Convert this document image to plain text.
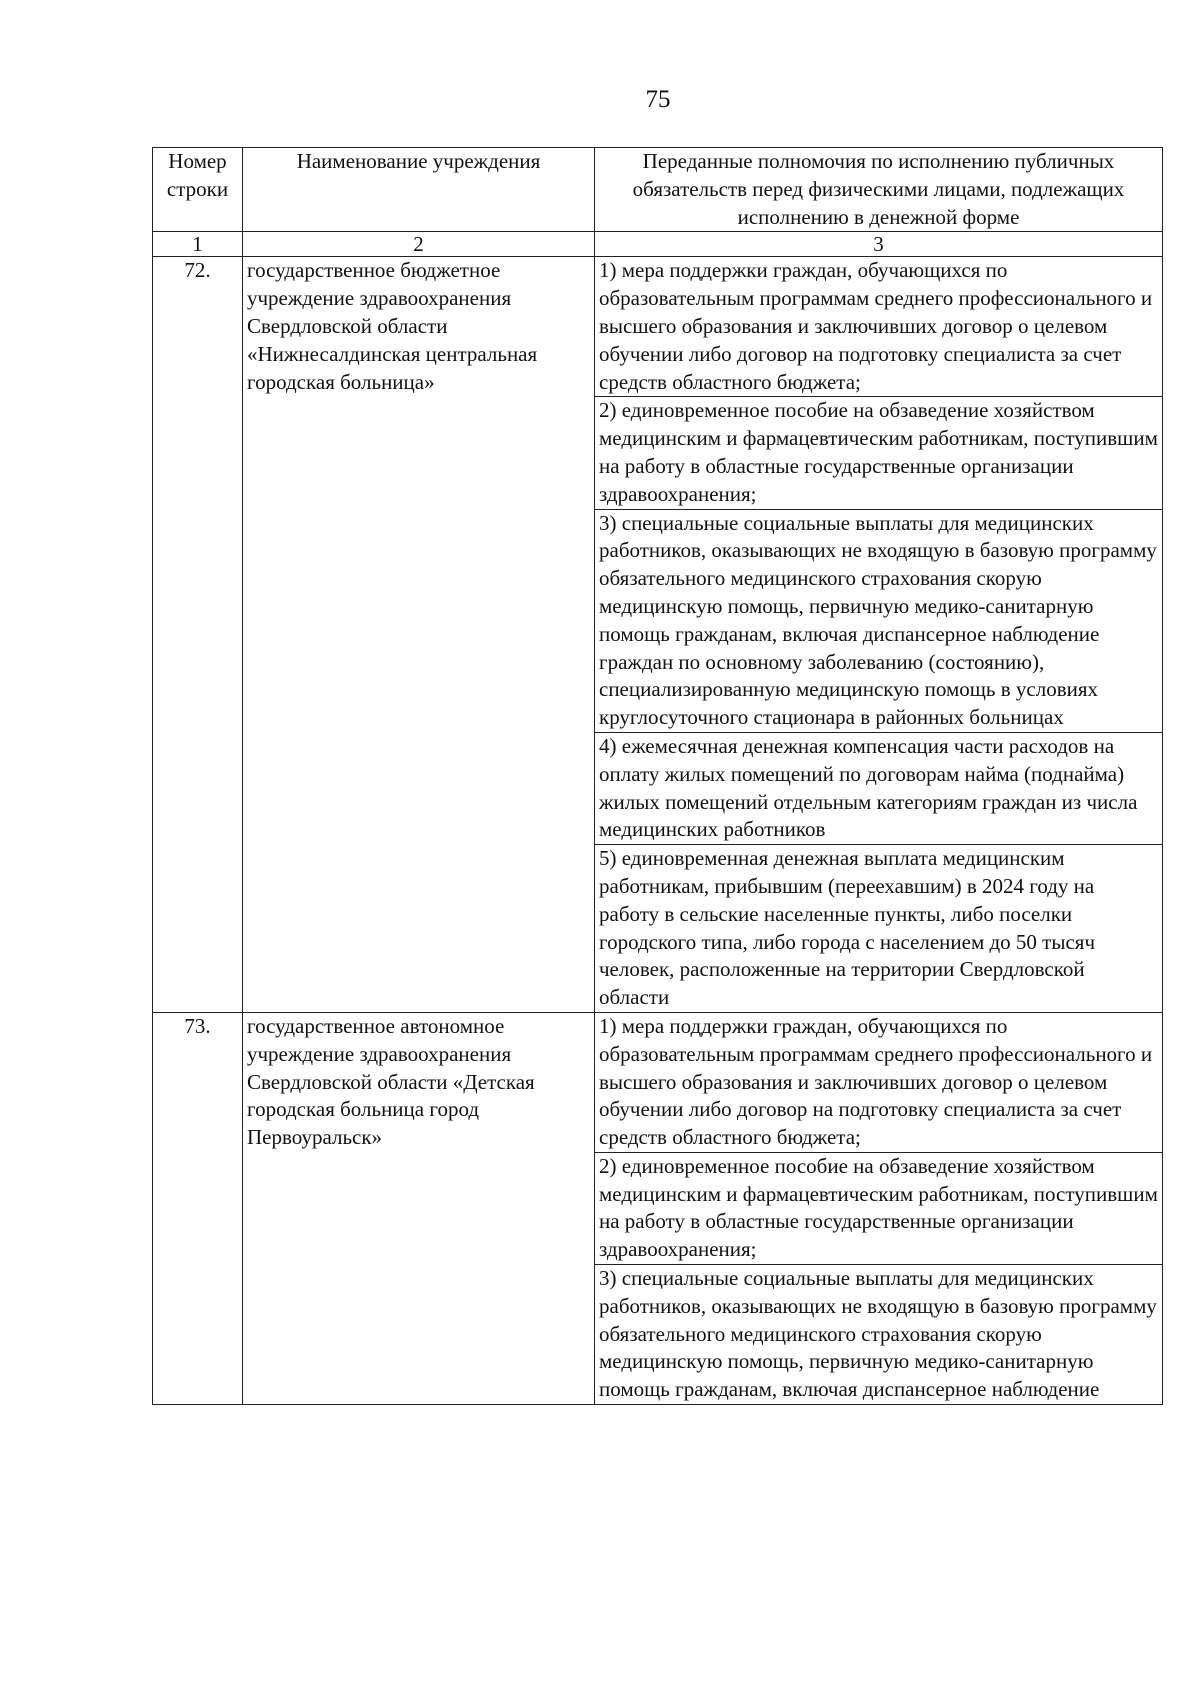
75
Номер строки	Наименование учреждения	Переданные полномочия по исполнению публичных обязательств перед физическими лицами, подлежащих исполнению в денежной форме
1	2	3
72.	государственное бюджетное учреждение здравоохранения Свердловской области «Нижнесалдинская центральная городская больница»	1) мера поддержки граждан, обучающихся по образовательным программам среднего профессионального и высшего образования и заключивших договор о целевом обучении либо договор на подготовку специалиста за счет средств областного бюджета;
		2) единовременное пособие на обзаведение хозяйством медицинским и фармацевтическим работникам, поступившим на работу в областные государственные организации здравоохранения;
		3) специальные социальные выплаты для медицинских работников, оказывающих не входящую в базовую программу обязательного медицинского страхования скорую медицинскую помощь, первичную медико-санитарную помощь гражданам, включая диспансерное наблюдение граждан по основному заболеванию (состоянию), специализированную медицинскую помощь в условиях круглосуточного стационара в районных больницах
		4) ежемесячная денежная компенсация части расходов на оплату жилых помещений по договорам найма (поднайма) жилых помещений отдельным категориям граждан из числа медицинских работников
		5) единовременная денежная выплата медицинским работникам, прибывшим (переехавшим) в 2024 году на работу в сельские населенные пункты, либо поселки городского типа, либо города с населением до 50 тысяч человек, расположенные на территории Свердловской области
73.	государственное автономное учреждение здравоохранения Свердловской области «Детская городская больница город Первоуральск»	1) мера поддержки граждан, обучающихся по образовательным программам среднего профессионального и высшего образования и заключивших договор о целевом обучении либо договор на подготовку специалиста за счет средств областного бюджета;
		2) единовременное пособие на обзаведение хозяйством медицинским и фармацевтическим работникам, поступившим на работу в областные государственные организации здравоохранения;
		3) специальные социальные выплаты для медицинских работников, оказывающих не входящую в базовую программу обязательного медицинского страхования скорую медицинскую помощь, первичную медико-санитарную помощь гражданам, включая диспансерное наблюдение
